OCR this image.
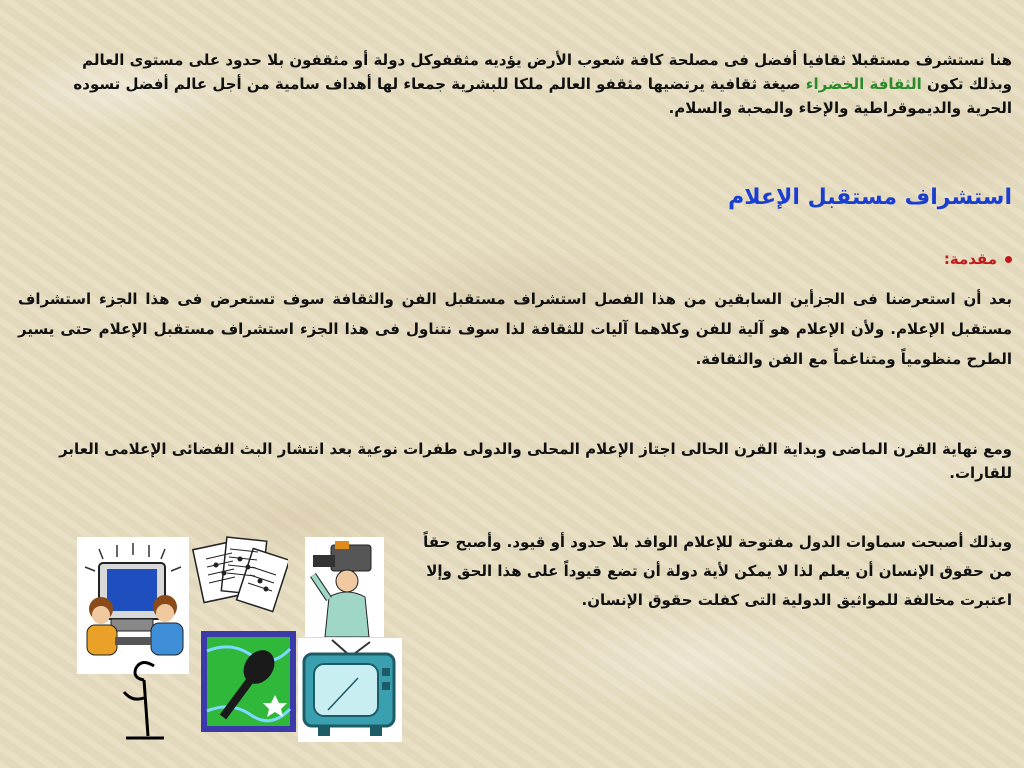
هنا نستشرف مستقبلا ثقافيا أفضل فى مصلحة كافة شعوب الأرض يؤديه مثقفوكل دولة أو مثقفون بلا حدود على مستوى العالم وبذلك تكون الثقافة الخضراء صيغة ثقافية يرتضيها مثقفو العالم ملكا للبشرية جمعاء لها أهداف سامية من أجل عالم أفضل تسوده الحرية والديموقراطية والإخاء والمحبة والسلام.
استشراف مستقبل الإعلام
مقدمة:
بعد أن استعرضنا فى الجزأين السابقين من هذا الفصل استشراف مستقبل الفن والثقافة سوف تستعرض فى هذا الجزء استشراف مستقبل الإعلام. ولأن الإعلام هو آلية للفن وكلاهما آليات للثقافة لذا سوف نتناول فى هذا الجزء استشراف مستقبل الإعلام حتى يسير الطرح منظومياً ومتناغماً مع الفن والثقافة.
ومع نهاية القرن الماضى وبداية القرن الحالى اجتاز الإعلام المحلى والدولى طفرات نوعية بعد انتشار البث الفضائى الإعلامى العابر للقارات.
وبذلك أصبحت سماوات الدول مفتوحة للإعلام الوافد بلا حدود أو قيود. وأصبح حقاً من حقوق الإنسان أن يعلم لذا لا يمكن لأية دولة أن تضع قيوداً على هذا الحق وإلا اعتبرت مخالفة للمواثيق الدولية التى كفلت حقوق الإنسان.
